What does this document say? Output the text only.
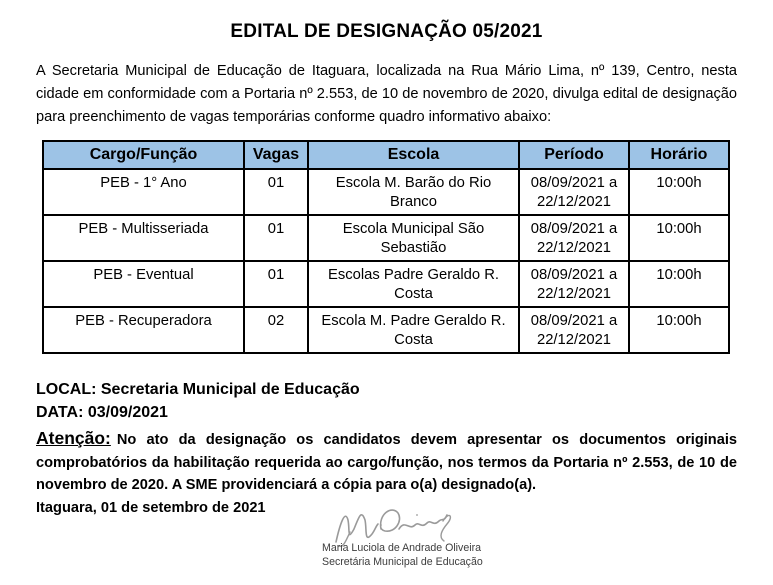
EDITAL DE DESIGNAÇÃO 05/2021

A Secretaria Municipal de Educação de Itaguara, localizada na Rua Mário Lima, nº 139, Centro, nesta cidade em conformidade com a Portaria nº 2.553, de 10 de novembro de 2020, divulga edital de designação para preenchimento de vagas temporárias conforme quadro informativo abaixo:

Cargo/Função	Vagas	Escola	Período	Horário
PEB - 1° Ano	01	Escola M. Barão do Rio Branco	08/09/2021 a 22/12/2021	10:00h
PEB - Multisseriada	01	Escola Municipal São Sebastião	08/09/2021 a 22/12/2021	10:00h
PEB - Eventual	01	Escolas Padre Geraldo R. Costa	08/09/2021 a 22/12/2021	10:00h
PEB - Recuperadora	02	Escola M. Padre Geraldo R. Costa	08/09/2021 a 22/12/2021	10:00h
LOCAL: Secretaria Municipal de Educação
DATA: 03/09/2021

Atenção: No ato da designação os candidatos devem apresentar os documentos originais comprobatórios da habilitação requerida ao cargo/função, nos termos da Portaria nº 2.553, de 10 de novembro de 2020. A SME providenciará a cópia para o(a) designado(a).

Itaguara, 01 de setembro de 2021
Maria Luciola de Andrade Oliveira
Secretária Municipal de Educação
